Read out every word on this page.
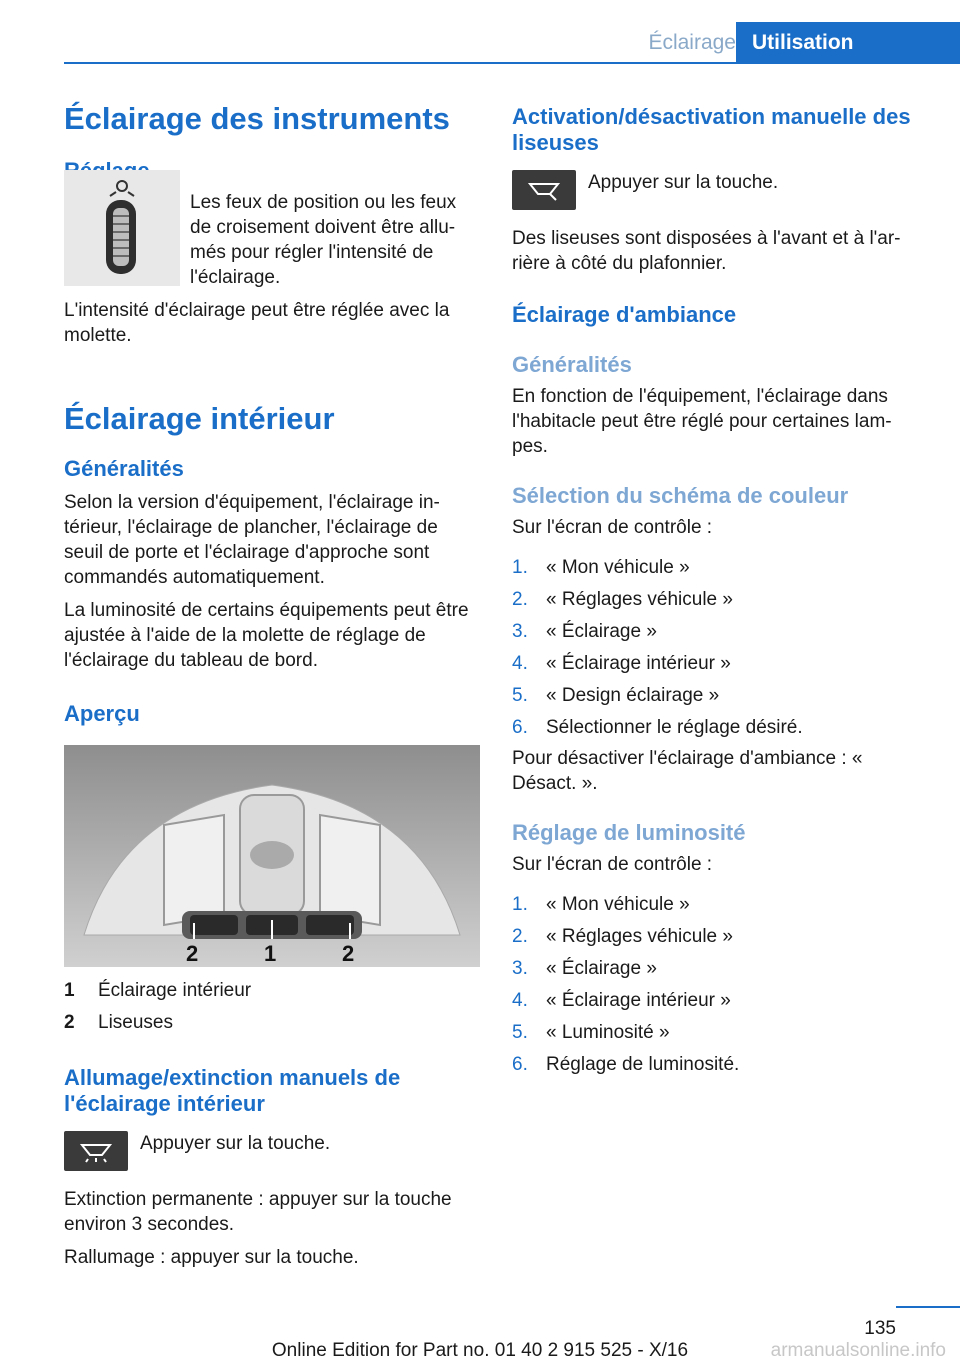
Éclairage Utilisation
Éclairage des instruments

Les feux de position ou les feux de croisement doivent être allu‐ més pour régler l'intensité de l'éclairage.

L'intensité d'éclairage peut être réglée avec la molette.

Éclairage intérieur
Généralités

Selon la version d'équipement, l'éclairage in‐ térieur, l'éclairage de plancher, l'éclairage de seuil de porte et l'éclairage d'approche sont commandés automatiquement.

La luminosité de certains équipements peut être ajustée à l'aide de la molette de réglage de l'éclairage du tableau de bord.

Aperçu
2	1	2
1	Éclairage intérieur
2	Liseuses
Allumage/extinction manuels de l'éclairage intérieur

Appuyer sur la touche.

Extinction permanente : appuyer sur la touche environ 3 secondes.

Rallumage : appuyer sur la touche.

Activation/désactivation manuelle des liseuses

Appuyer sur la touche.

Des liseuses sont disposées à l'avant et à l'ar‐ rière à côté du plafonnier.

Éclairage d'ambiance
Généralités

En fonction de l'équipement, l'éclairage dans l'habitacle peut être réglé pour certaines lam‐ pes.

Sélection du schéma de couleur

Sur l'écran de contrôle :

1. « Mon véhicule »
2. « Réglages véhicule »
3. « Éclairage »
4. « Éclairage intérieur »
5. « Design éclairage »
6. Sélectionner le réglage désiré.

Pour désactiver l'éclairage d'ambiance : « Désact. ».

Réglage de luminosité

Sur l'écran de contrôle :

1. « Mon véhicule »
2. « Réglages véhicule »
3. « Éclairage »
4. « Éclairage intérieur »
5. « Luminosité »
6. Réglage de luminosité.
135
Online Edition for Part no. 01 40 2 915 525 - X/16	armanualsonline.info
